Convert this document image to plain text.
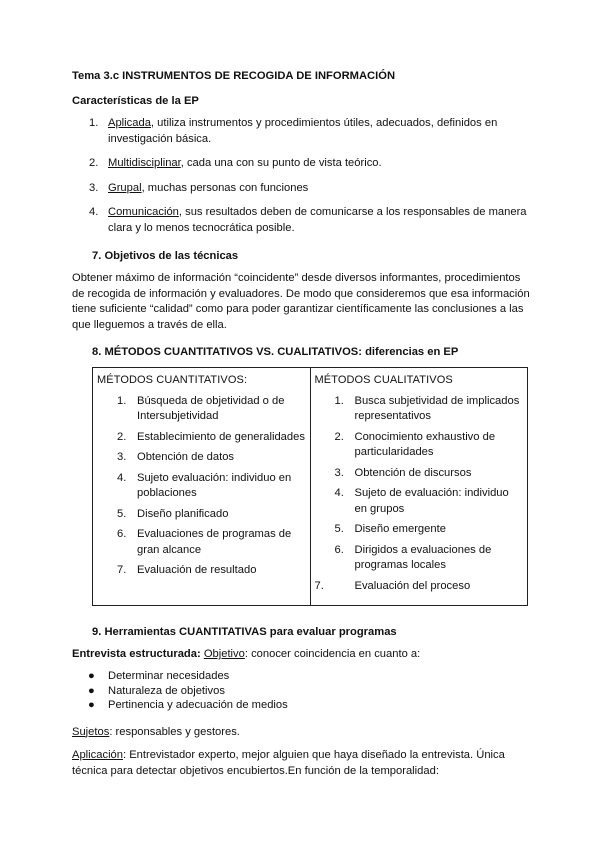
Tema 3.c INSTRUMENTOS DE RECOGIDA DE INFORMACIÓN
Características de la EP
1. Aplicada, utiliza instrumentos y procedimientos útiles, adecuados, definidos en investigación básica.
2. Multidisciplinar, cada una con su punto de vista teórico.
3. Grupal, muchas personas con funciones
4. Comunicación, sus resultados deben de comunicarse a los responsables de manera clara y lo menos tecnocrática posible.
7. Objetivos de las técnicas

Obtener máximo de información “coincidente” desde diversos informantes, procedimientos de recogida de información y evaluadores. De modo que consideremos que esa información tiene suficiente “calidad” como para poder garantizar científicamente las conclusiones a las que lleguemos a través de ella.

8. MÉTODOS CUANTITATIVOS VS. CUALITATIVOS: diferencias en EP
MÉTODOS CUANTITATIVOS:
1. Búsqueda de objetividad o de Intersubjetividad
2. Establecimiento de generalidades
3. Obtención de datos
4. Sujeto evaluación: individuo en poblaciones
5. Diseño planificado
6. Evaluaciones de programas de gran alcance
7. Evaluación de resultado

MÉTODOS CUALITATIVOS
1. Busca subjetividad de implicados representativos
2. Conocimiento exhaustivo de particularidades
3. Obtención de discursos
4. Sujeto de evaluación: individuo en grupos
5. Diseño emergente
6. Dirigidos a evaluaciones de programas locales
7.	Evaluación del proceso
9. Herramientas CUANTITATIVAS para evaluar programas

Entrevista estructurada: Objetivo: conocer coincidencia en cuanto a:

● Determinar necesidades
● Naturaleza de objetivos
● Pertinencia y adecuación de medios

Sujetos: responsables y gestores.

Aplicación: Entrevistador experto, mejor alguien que haya diseñado la entrevista. Única técnica para detectar objetivos encubiertos.En función de la temporalidad:
